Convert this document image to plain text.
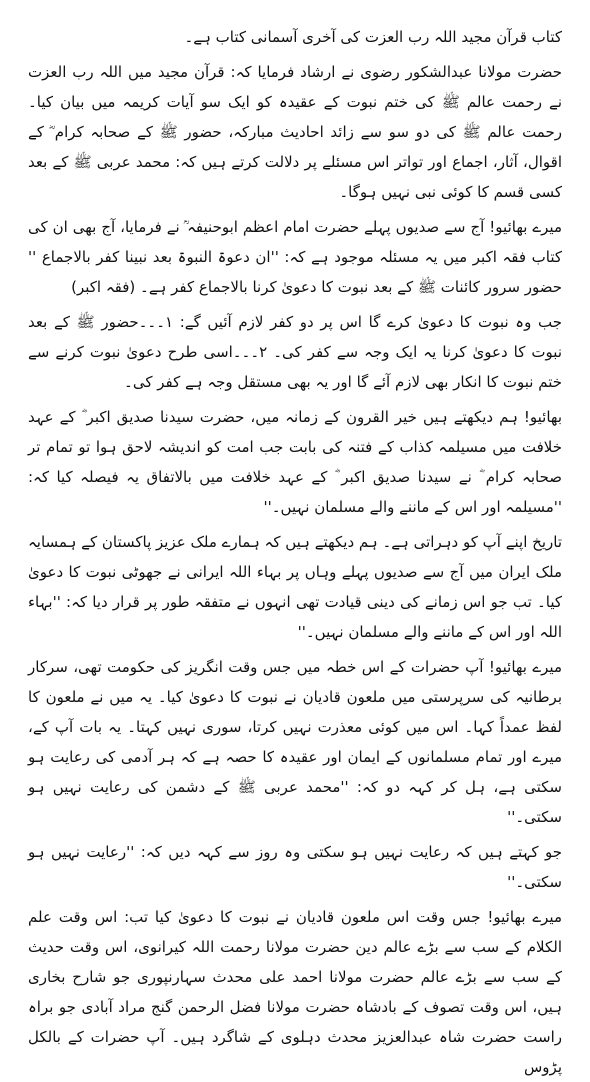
کتاب قرآن مجید اللہ رب العزت کی آخری آسمانی کتاب ہے۔

حضرت مولانا عبدالشکور رضوی نے ارشاد فرمایا کہ: قرآن مجید میں اللہ رب العزت نے رحمت عالم ﷺ کی ختم نبوت کے عقیدہ کو ایک سو آیات کریمہ میں بیان کیا۔ رحمت عالم ﷺ کی دو سو سے زائد احادیث مبارکہ، حضور ﷺ کے صحابہ کرام ؓ کے اقوال، آثار، اجماع اور تواتر اس مسئلے پر دلالت کرتے ہیں کہ: محمد عربی ﷺ کے بعد کسی قسم کا کوئی نبی نہیں ہوگا۔

میرے بھائیو! آج سے صدیوں پہلے حضرت امام اعظم ابوحنیفہ ؒ نے فرمایا، آج بھی ان کی کتاب فقہ اکبر میں یہ مسئلہ موجود ہے کہ: ''ان دعوۃ النبوۃ بعد نبینا کفر بالاجماع '' حضور سرور کائنات ﷺ کے بعد نبوت کا دعویٰ کرنا بالاجماع کفر ہے۔ (فقہ اکبر)

جب وہ نبوت کا دعویٰ کرے گا اس پر دو کفر لازم آئیں گے: ۱۔۔۔حضور ﷺ کے بعد نبوت کا دعویٰ کرنا یہ ایک وجہ سے کفر کی۔ ۲۔۔۔اسی طرح دعویٰ نبوت کرنے سے ختم نبوت کا انکار بھی لازم آئے گا اور یہ بھی مستقل وجہ ہے کفر کی۔

بھائیو! ہم دیکھتے ہیں خیر القرون کے زمانہ میں، حضرت سیدنا صدیق اکبر ؓ کے عہد خلافت میں مسیلمہ کذاب کے فتنہ کی بابت جب امت کو اندیشہ لاحق ہوا تو تمام تر صحابہ کرام ؓ نے سیدنا صدیق اکبر ؓ کے عہد خلافت میں بالاتفاق یہ فیصلہ کیا کہ: ''مسیلمہ اور اس کے ماننے والے مسلمان نہیں۔''

تاریخ اپنے آپ کو دہراتی ہے۔ ہم دیکھتے ہیں کہ ہمارے ملک عزیز پاکستان کے ہمسایہ ملک ایران میں آج سے صدیوں پہلے وہاں پر بہاء اللہ ایرانی نے جھوٹی نبوت کا دعویٰ کیا۔ تب جو اس زمانے کی دینی قیادت تھی انہوں نے متفقہ طور پر قرار دیا کہ: ''بہاء اللہ اور اس کے ماننے والے مسلمان نہیں۔''

میرے بھائیو! آپ حضرات کے اس خطہ میں جس وقت انگریز کی حکومت تھی، سرکار برطانیہ کی سرپرستی میں ملعون قادیان نے نبوت کا دعویٰ کیا۔ یہ میں نے ملعون کا لفظ عمداً کہا۔ اس میں کوئی معذرت نہیں کرتا، سوری نہیں کہتا۔ یہ بات آپ کے، میرے اور تمام مسلمانوں کے ایمان اور عقیدہ کا حصہ ہے کہ ہر آدمی کی رعایت ہو سکتی ہے، ہل کر کہہ دو کہ: ''محمد عربی ﷺ کے دشمن کی رعایت نہیں ہو سکتی۔''

جو کہتے ہیں کہ رعایت نہیں ہو سکتی وہ روز سے کہہ دیں کہ: ''رعایت نہیں ہو سکتی۔''

میرے بھائیو! جس وقت اس ملعون قادیان نے نبوت کا دعویٰ کیا تب: اس وقت علم الکلام کے سب سے بڑے عالم دین حضرت مولانا رحمت اللہ کیرانوی، اس وقت حدیث کے سب سے بڑے عالم حضرت مولانا احمد علی محدث سہارنپوری جو شارح بخاری ہیں، اس وقت تصوف کے بادشاہ حضرت مولانا فضل الرحمن گنج مراد آبادی جو براہ راست حضرت شاہ عبدالعزیز محدث دہلوی کے شاگرد ہیں۔ آپ حضرات کے بالکل پڑوس
